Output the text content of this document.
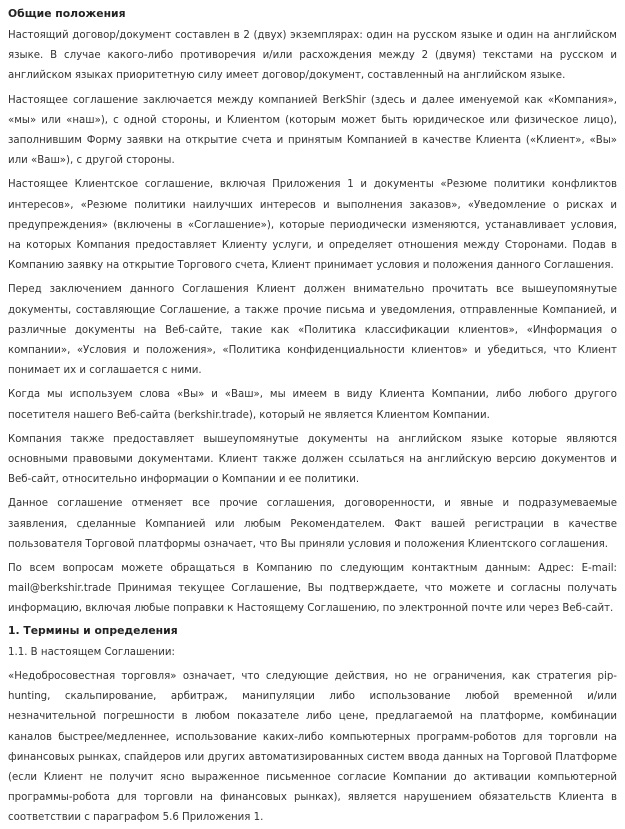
Общие положения

Настоящий договор/документ составлен в 2 (двух) экземплярах: один на русском языке и один на английском языке. В случае какого-либо противоречия и/или расхождения между 2 (двумя) текстами на русском и английском языках приоритетную силу имеет договор/документ, составленный на английском языке.

Настоящее соглашение заключается между компанией BerkShir (здесь и далее именуемой как «Компания», «мы» или «наш»), с одной стороны, и Клиентом (которым может быть юридическое или физическое лицо), заполнившим Форму заявки на открытие счета и принятым Компанией в качестве Клиента («Клиент», «Вы» или «Ваш»), с другой стороны.

Настоящее Клиентское соглашение, включая Приложения 1 и документы «Резюме политики конфликтов интересов», «Резюме политики наилучших интересов и выполнения заказов», «Уведомление о рисках и предупреждения» (включены в «Соглашение»), которые периодически изменяются, устанавливает условия, на которых Компания предоставляет Клиенту услуги, и определяет отношения между Сторонами. Подав в Компанию заявку на открытие Торгового счета, Клиент принимает условия и положения данного Соглашения.

Перед заключением данного Соглашения Клиент должен внимательно прочитать все вышеупомянутые документы, составляющие Соглашение, а также прочие письма и уведомления, отправленные Компанией, и различные документы на Веб-сайте, такие как «Политика классификации клиентов», «Информация о компании», «Условия и положения», «Политика конфиденциальности клиентов» и убедиться, что Клиент понимает их и соглашается с ними.

Когда мы используем слова «Вы» и «Ваш», мы имеем в виду Клиента Компании, либо любого другого посетителя нашего Веб-сайта (berkshir.trade), который не является Клиентом Компании.

Компания также предоставляет вышеупомянутые документы на английском языке которые являются основными правовыми документами. Клиент также должен ссылаться на английскую версию документов и Веб-сайт, относительно информации о Компании и ее политики.

Данное соглашение отменяет все прочие соглашения, договоренности, и явные и подразумеваемые заявления, сделанные Компанией или любым Рекомендателем. Факт вашей регистрации в качестве пользователя Торговой платформы означает, что Вы приняли условия и положения Клиентского соглашения.

По всем вопросам можете обращаться в Компанию по следующим контактным данным: Адрес: E-mail: mail@berkshir.trade Принимая текущее Соглашение, Вы подтверждаете, что можете и согласны получать информацию, включая любые поправки к Настоящему Соглашению, по электронной почте или через Веб-сайт.

1. Термины и определения

1.1. В настоящем Соглашении:

«Недобросовестная торговля» означает, что следующие действия, но не ограничения, как стратегия pip-hunting, скальпирование, арбитраж, манипуляции либо использование любой временной и/или незначительной погрешности в любом показателе либо цене, предлагаемой на платформе, комбинации каналов быстрее/медленнее, использование каких-либо компьютерных программ-роботов для торговли на финансовых рынках, спайдеров или других автоматизированных систем ввода данных на Торговой Платформе (если Клиент не получит ясно выраженное письменное согласие Компании до активации компьютерной программы-робота для торговли на финансовых рынках), является нарушением обязательств Клиента в соответствии с параграфом 5.6 Приложения 1.
